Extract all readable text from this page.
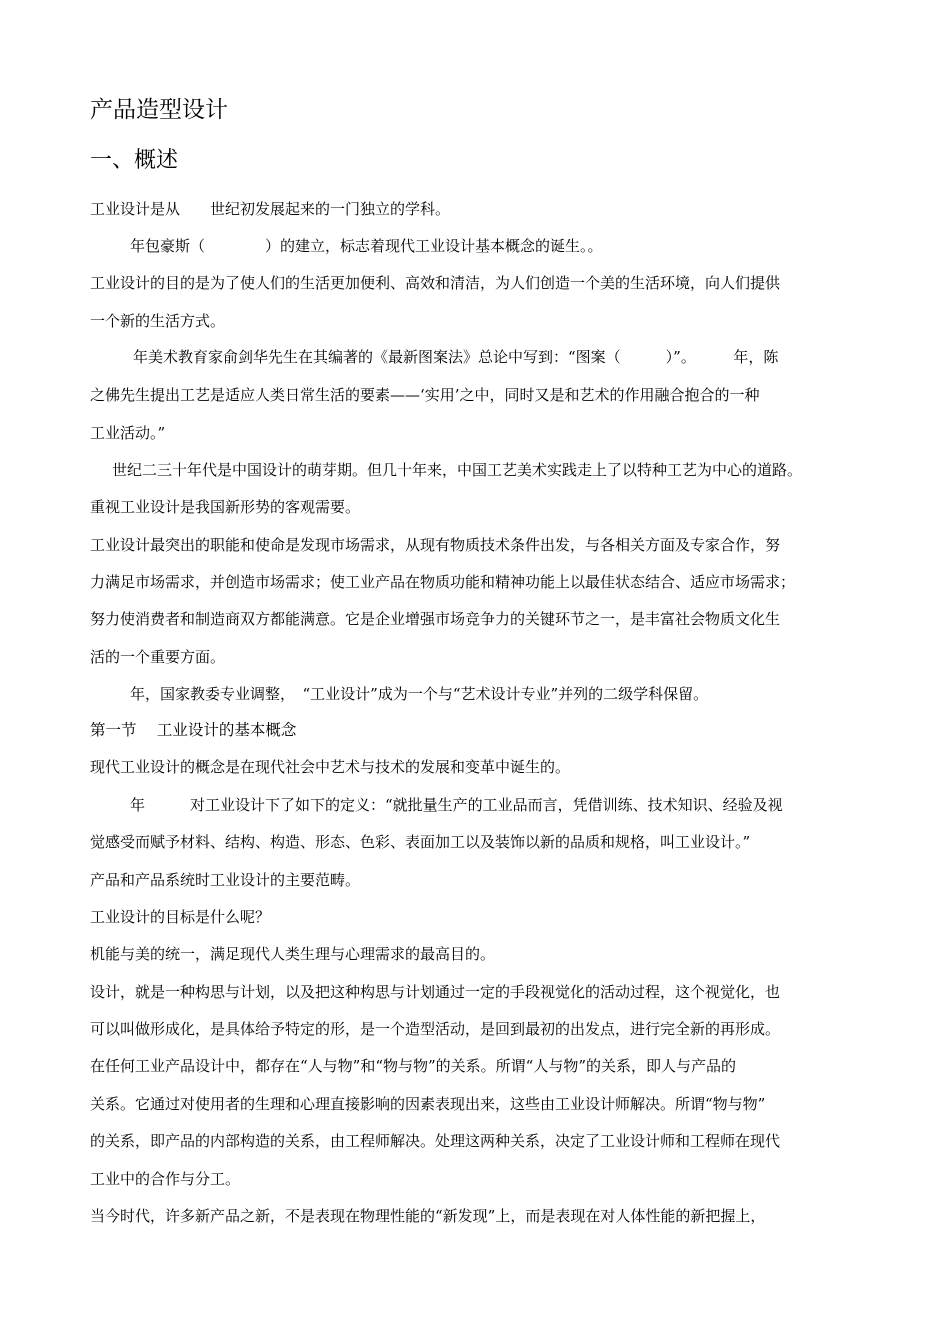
产品造型设计
一、概述
工业设计是从　　世纪初发展起来的一门独立的学科。
年包豪斯（　　　　）的建立，标志着现代工业设计基本概念的诞生。。
工业设计的目的是为了使人们的生活更加便利、高效和清洁，为人们创造一个美的生活环境，向人们提供
一个新的生活方式。
年美术教育家俞剑华先生在其编著的《最新图案法》总论中写到：“图案（　　　）”。　　　年，陈
之佛先生提出工艺是适应人类日常生活的要素——‘实用’之中，同时又是和艺术的作用融合抱合的一种
工业活动。”
世纪二三十年代是中国设计的萌芽期。但几十年来，中国工艺美术实践走上了以特种工艺为中心的道路。
重视工业设计是我国新形势的客观需要。
工业设计最突出的职能和使命是发现市场需求，从现有物质技术条件出发，与各相关方面及专家合作，努
力满足市场需求，并创造市场需求；使工业产品在物质功能和精神功能上以最佳状态结合、适应市场需求；
努力使消费者和制造商双方都能满意。它是企业增强市场竞争力的关键环节之一，是丰富社会物质文化生
活的一个重要方面。
年，国家教委专业调整，　“工业设计”成为一个与“艺术设计专业”并列的二级学科保留。
第一节　 工业设计的基本概念
现代工业设计的概念是在现代社会中艺术与技术的发展和变革中诞生的。
年　　　对工业设计下了如下的定义：“就批量生产的工业品而言，凭借训练、技术知识、经验及视
觉感受而赋予材料、结构、构造、形态、色彩、表面加工以及装饰以新的品质和规格，叫工业设计。”
产品和产品系统时工业设计的主要范畴。
工业设计的目标是什么呢？
机能与美的统一，满足现代人类生理与心理需求的最高目的。
设计，就是一种构思与计划，以及把这种构思与计划通过一定的手段视觉化的活动过程，这个视觉化，也
可以叫做形成化，是具体给予特定的形，是一个造型活动，是回到最初的出发点，进行完全新的再形成。
在任何工业产品设计中，都存在“人与物”和“物与物”的关系。所谓“人与物”的关系，即人与产品的
关系。它通过对使用者的生理和心理直接影响的因素表现出来，这些由工业设计师解决。所谓“物与物”
的关系，即产品的内部构造的关系，由工程师解决。处理这两种关系，决定了工业设计师和工程师在现代
工业中的合作与分工。
当今时代，许多新产品之新，不是表现在物理性能的“新发现”上，而是表现在对人体性能的新把握上，
